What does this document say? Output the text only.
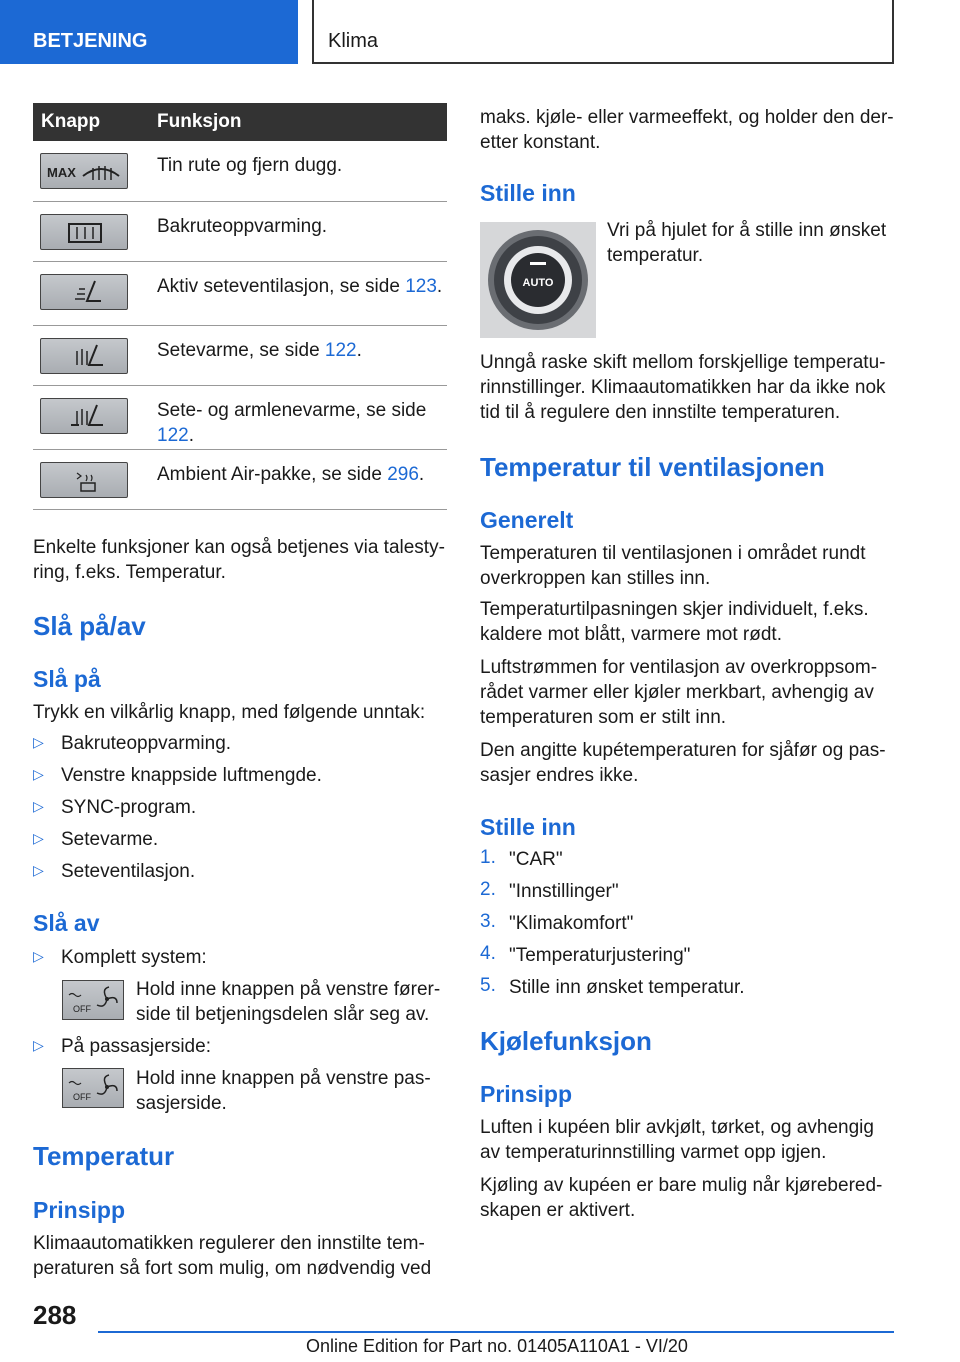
BETJENING	Klima
Knapp	Funksjon

MAX	Tin rute og fjern dugg.

	Bakruteoppvarming.

	Aktiv seteventilasjon, se side 123.

	Setevarme, se side 122.

	Sete- og armlenevarme, se side 122.

	Ambient Air-pakke, se side 296.

Enkelte funksjoner kan også betjenes via talesty-ring, f.eks. Temperatur.

Slå på/av
Slå på

Trykk en vilkårlig knapp, med følgende unntak:

▷ Bakruteoppvarming.
▷ Venstre knappside luftmengde.
▷ SYNC-program.
▷ Setevarme.
▷ Seteventilasjon.
Slå av
▷ Komplett system:
OFF

Hold inne knappen på venstre fører-side til betjeningsdelen slår seg av.

▷ På passasjerside:
OFF

Hold inne knappen på venstre pas-sasjerside.

Temperatur
Prinsipp

Klimaautomatikken regulerer den innstilte tem-peraturen så fort som mulig, om nødvendig ved

maks. kjøle- eller varmeeffekt, og holder den der-etter konstant.

Stille inn
AUTO

Vri på hjulet for å stille inn ønsket temperatur.

Unngå raske skift mellom forskjellige temperatu-rinnstillinger. Klimaautomatikken har da ikke nok tid til å regulere den innstilte temperaturen.

Temperatur til ventilasjonen
Generelt

Temperaturen til ventilasjonen i området rundt overkroppen kan stilles inn.

Temperaturtilpasningen skjer individuelt, f.eks. kaldere mot blått, varmere mot rødt.

Luftstrømmen for ventilasjon av overkroppsom-rådet varmer eller kjøler merkbart, avhengig av temperaturen som er stilt inn.

Den angitte kupétemperaturen for sjåfør og pas-sasjer endres ikke.

Stille inn
1. "CAR"
2. "Innstillinger"
3. "Klimakomfort"
4. "Temperaturjustering"
5. Stille inn ønsket temperatur.
Kjølefunksjon
Prinsipp

Luften i kupéen blir avkjølt, tørket, og avhengig av temperaturinnstilling varmet opp igjen.

Kjøling av kupéen er bare mulig når kjørebered-skapen er aktivert.

288
Online Edition for Part no. 01405A110A1 - VI/20
